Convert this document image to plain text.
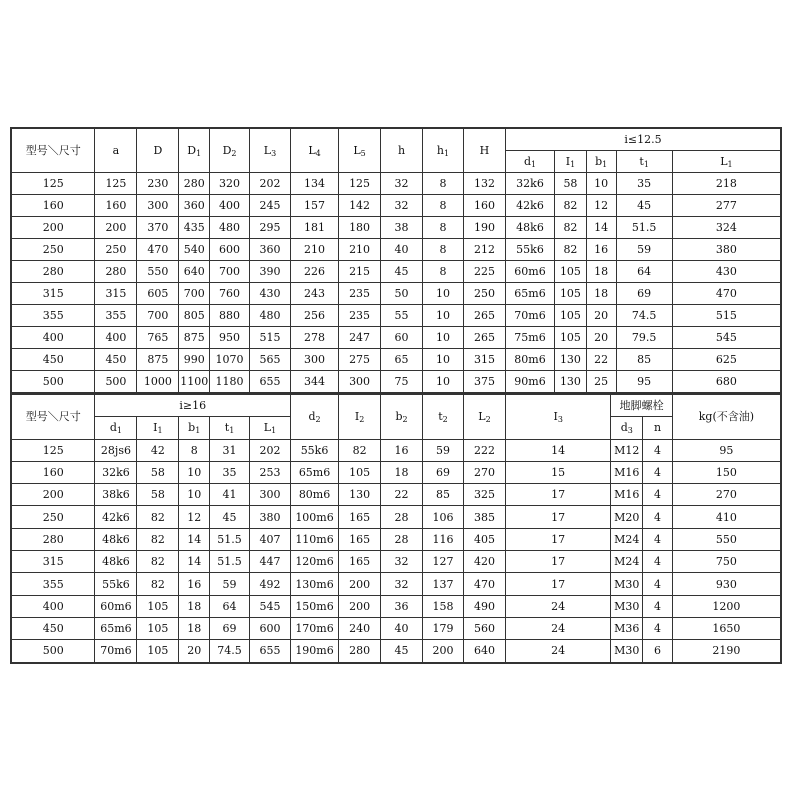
型号＼尺寸	a	D	$D_1$	$D_2$	$L_3$	$L_4$	$L_5$	h	$h_1$	H	i≤12.5				
											$d_1$	$I_1$	$b_1$	$t_1$	$L_1$
125	125	230	280	320	202	134	125	32	8	132	32k6	58	10	35	218
160	160	300	360	400	245	157	142	32	8	160	42k6	82	12	45	277
200	200	370	435	480	295	181	180	38	8	190	48k6	82	14	51.5	324
250	250	470	540	600	360	210	210	40	8	212	55k6	82	16	59	380
280	280	550	640	700	390	226	215	45	8	225	60m6	105	18	64	430
315	315	605	700	760	430	243	235	50	10	250	65m6	105	18	69	470
355	355	700	805	880	480	256	235	55	10	265	70m6	105	20	74.5	515
400	400	765	875	950	515	278	247	60	10	265	75m6	105	20	79.5	545
450	450	875	990	1070	565	300	275	65	10	315	80m6	130	22	85	625
500	500	1000	1100	1180	655	344	300	75	10	375	90m6	130	25	95	680
型号＼尺寸	i≥16					$d_2$	$I_2$	$b_2$	$t_2$	$L_2$	$I_3$	地脚螺栓		kg(不含油)
	$d_1$	$I_1$	$b_1$	$t_1$	$L_1$							$d_3$	n	
125	28js6	42	8	31	202	55k6	82	16	59	222	14	M12	4	95
160	32k6	58	10	35	253	65m6	105	18	69	270	15	M16	4	150
200	38k6	58	10	41	300	80m6	130	22	85	325	17	M16	4	270
250	42k6	82	12	45	380	100m6	165	28	106	385	17	M20	4	410
280	48k6	82	14	51.5	407	110m6	165	28	116	405	17	M24	4	550
315	48k6	82	14	51.5	447	120m6	165	32	127	420	17	M24	4	750
355	55k6	82	16	59	492	130m6	200	32	137	470	17	M30	4	930
400	60m6	105	18	64	545	150m6	200	36	158	490	24	M30	4	1200
450	65m6	105	18	69	600	170m6	240	40	179	560	24	M36	4	1650
500	70m6	105	20	74.5	655	190m6	280	45	200	640	24	M30	6	2190
